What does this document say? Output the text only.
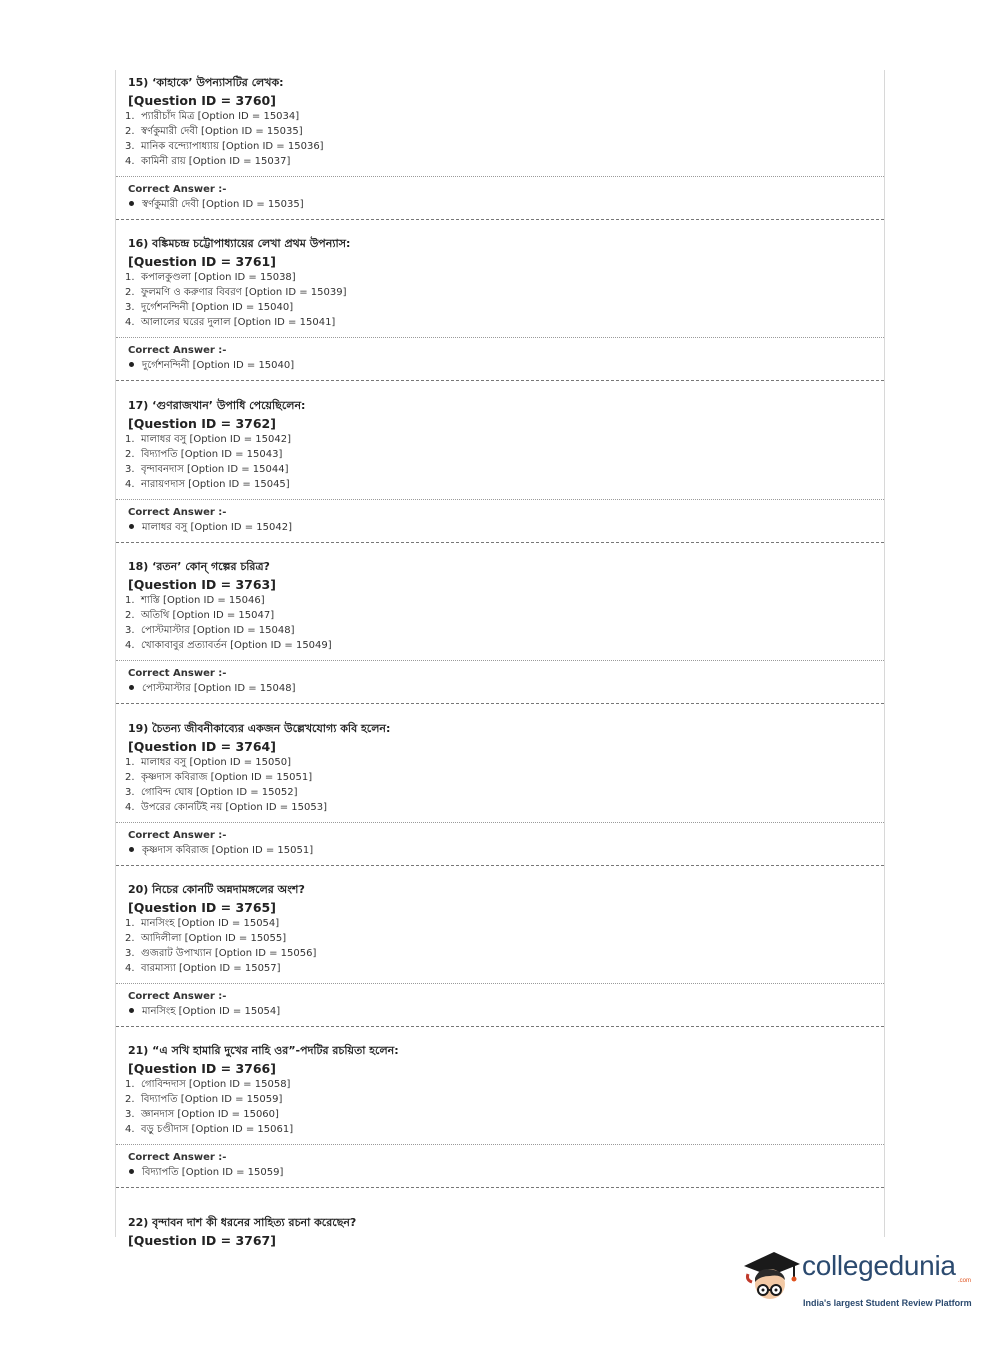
15) ‘কাহাকে’ উপন্যাসটির লেখক:
[Question ID = 3760]
1. প্যারীচাঁদ মিত্র [Option ID = 15034]
2. স্বর্ণকুমারী দেবী [Option ID = 15035]
3. মানিক বন্দ্যোপাধ্যায় [Option ID = 15036]
4. কামিনী রায় [Option ID = 15037]
Correct Answer :-
স্বর্ণকুমারী দেবী [Option ID = 15035]
16) বঙ্কিমচন্দ্র চট্টোপাধ্যায়ের লেখা প্রথম উপন্যাস:
[Question ID = 3761]
1. কপালকুণ্ডলা [Option ID = 15038]
2. ফুলমণি ও করুণার বিবরণ [Option ID = 15039]
3. দুর্গেশনন্দিনী [Option ID = 15040]
4. আলালের ঘরের দুলাল [Option ID = 15041]
Correct Answer :-
দুর্গেশনন্দিনী [Option ID = 15040]
17) ‘গুণরাজখান’ উপাধি পেয়েছিলেন:
[Question ID = 3762]
1. মালাধর বসু [Option ID = 15042]
2. বিদ্যাপতি [Option ID = 15043]
3. বৃন্দাবনদাস [Option ID = 15044]
4. নারায়ণদাস [Option ID = 15045]
Correct Answer :-
মালাধর বসু [Option ID = 15042]
18) ‘রতন’ কোন্ গল্পের চরিত্র?
[Question ID = 3763]
1. শাস্তি [Option ID = 15046]
2. অতিথি [Option ID = 15047]
3. পোস্টমাস্টার [Option ID = 15048]
4. খোকাবাবুর প্রত্যাবর্তন [Option ID = 15049]
Correct Answer :-
পোস্টমাস্টার [Option ID = 15048]
19) চৈতন্য জীবনীকাব্যের একজন উল্লেখযোগ্য কবি হলেন:
[Question ID = 3764]
1. মালাধর বসু [Option ID = 15050]
2. কৃষ্ণদাস কবিরাজ [Option ID = 15051]
3. গোবিন্দ ঘোষ [Option ID = 15052]
4. উপরের কোনটিই নয় [Option ID = 15053]
Correct Answer :-
কৃষ্ণদাস কবিরাজ [Option ID = 15051]
20) নিচের কোনটি অন্নদামঙ্গলের অংশ?
[Question ID = 3765]
1. মানসিংহ [Option ID = 15054]
2. আদিলীলা [Option ID = 15055]
3. গুজরাট উপাখ্যান [Option ID = 15056]
4. বারমাস্যা [Option ID = 15057]
Correct Answer :-
মানসিংহ [Option ID = 15054]
21) “এ সখি হামারি দুখের নাহি ওর”-পদটির রচয়িতা হলেন:
[Question ID = 3766]
1. গোবিন্দদাস [Option ID = 15058]
2. বিদ্যাপতি [Option ID = 15059]
3. জ্ঞানদাস [Option ID = 15060]
4. বড়ু চণ্ডীদাস [Option ID = 15061]
Correct Answer :-
বিদ্যাপতি [Option ID = 15059]
22) বৃন্দাবন দাশ কী ধরনের সাহিত্য রচনা করেছেন?
[Question ID = 3767]
collegedunia .com
India's largest Student Review Platform
